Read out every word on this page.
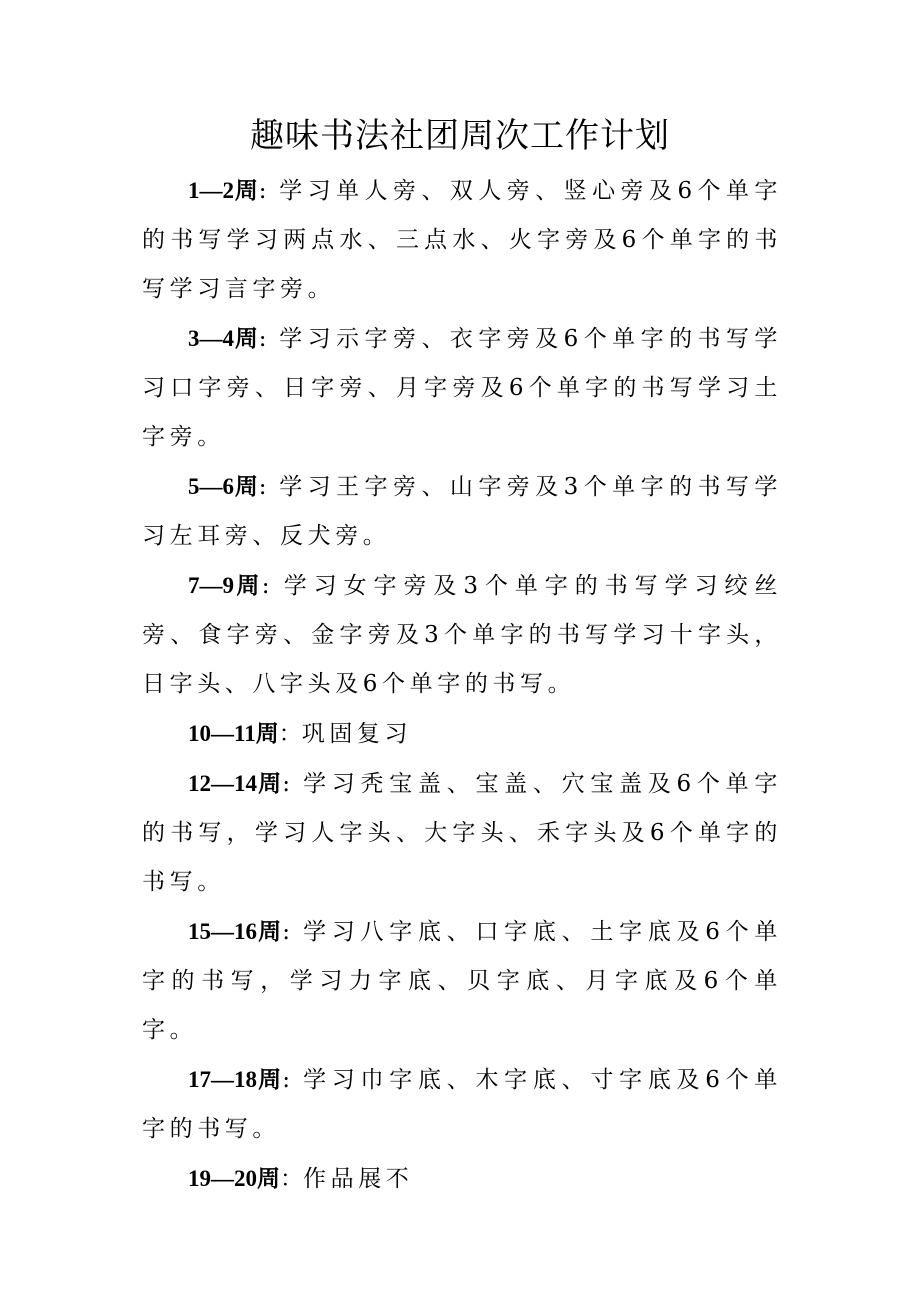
趣味书法社团周次工作计划

1—2周: 学习单人旁、双人旁、竖心旁及6个单字的书写学习两点水、三点水、火字旁及6个单字的书写学习言字旁。

3—4周: 学习示字旁、衣字旁及6个单字的书写学习口字旁、日字旁、月字旁及6个单字的书写学习土字旁。

5—6周: 学习王字旁、山字旁及3个单字的书写学习左耳旁、反犬旁。

7—9周: 学习女字旁及3个单字的书写学习绞丝旁、食字旁、金字旁及3个单字的书写学习十字头，日字头、八字头及6个单字的书写。

10—11周：巩固复习

12—14周: 学习秃宝盖、宝盖、穴宝盖及6个单字的书写，学习人字头、大字头、禾字头及6个单字的书写。

15—16周: 学习八字底、口字底、土字底及6个单字的书写，学习力字底、贝字底、月字底及6个单字。

17—18周: 学习巾字底、木字底、寸字底及6个单字的书写。

19—20周：作品展不
